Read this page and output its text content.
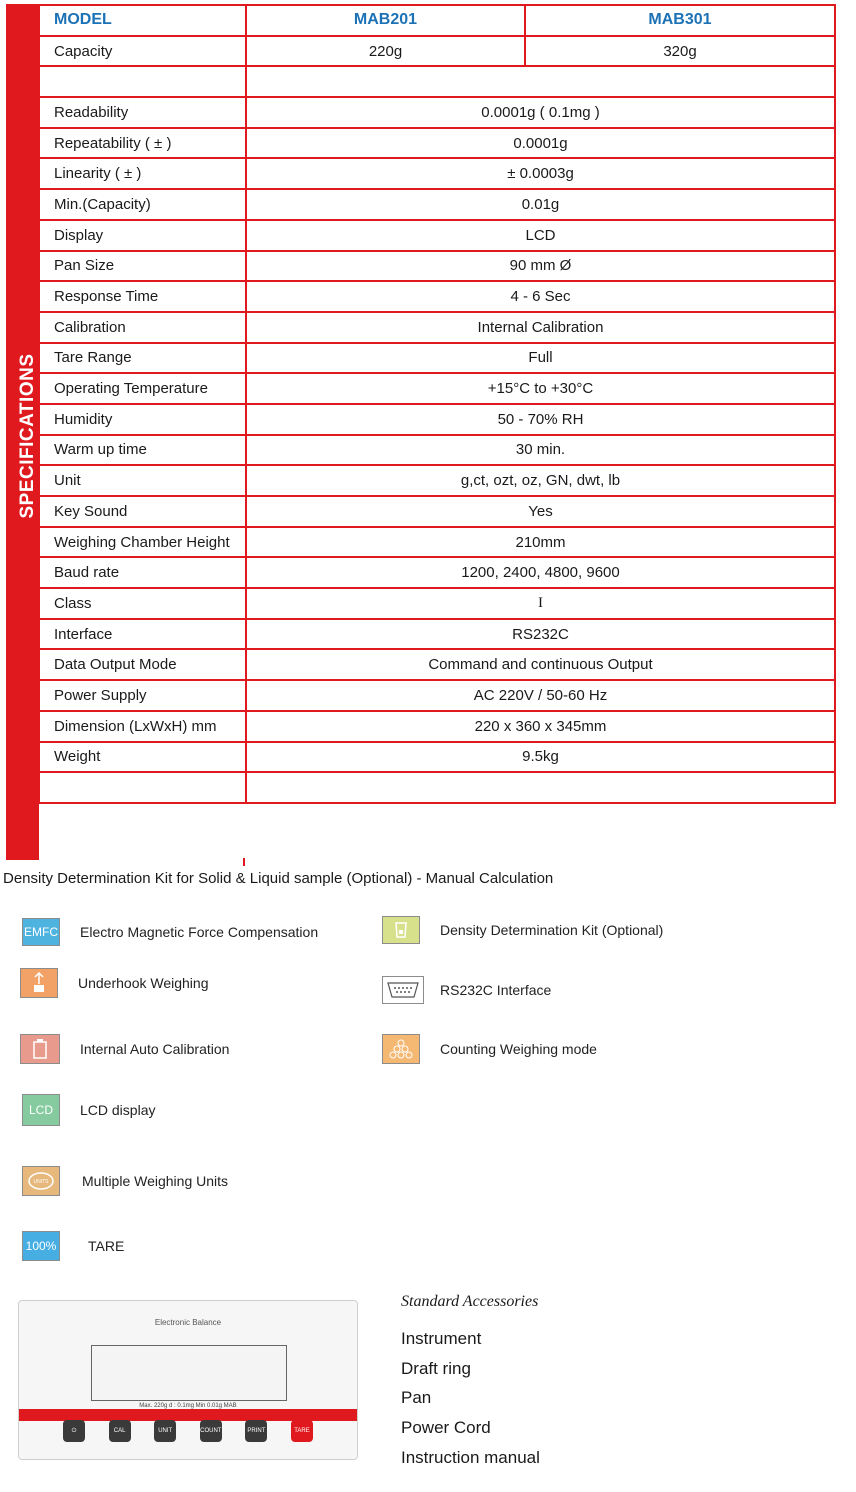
SPECIFICATIONS
MODEL	MAB201	MAB301
Capacity	220g	320g

Readability	0.0001g ( 0.1mg )	
Repeatability ( ± )	0.0001g	
Linearity ( ± )	± 0.0003g	
Min.(Capacity)	0.01g	
Display	LCD	
Pan Size	90 mm Ø	
Response Time	4 - 6 Sec	
Calibration	Internal Calibration	
Tare Range	Full	
Operating Temperature	+15°C to +30°C	
Humidity	50 - 70% RH	
Warm up time	30 min.	
Unit	g,ct, ozt, oz, GN, dwt, lb	
Key Sound	Yes	
Weighing Chamber Height	210mm	
Baud rate	1200, 2400, 4800, 9600	
Class	I	
Interface	RS232C	
Data Output Mode	Command and continuous Output	
Power Supply	AC 220V / 50-60 Hz	
Dimension (LxWxH) mm	220 x 360 x 345mm	
Weight	9.5kg	

Density Determination Kit for Solid & Liquid sample (Optional) - Manual Calculation
EMFC Electro Magnetic Force Compensation	Density Determination Kit (Optional)
Underhook Weighing	RS232C Interface
Internal Auto Calibration	Counting Weighing mode
LCD	LCD display
UNITS Multiple Weighing Units
100% TARE
Electronic Balance
Max. 220g d : 0.1mg Min 0.01g MAB
⏻	CAL	UNIT	COUNT	PRINT	TARE
Standard Accessories
Instrument
Draft ring
Pan
Power Cord
Instruction manual
